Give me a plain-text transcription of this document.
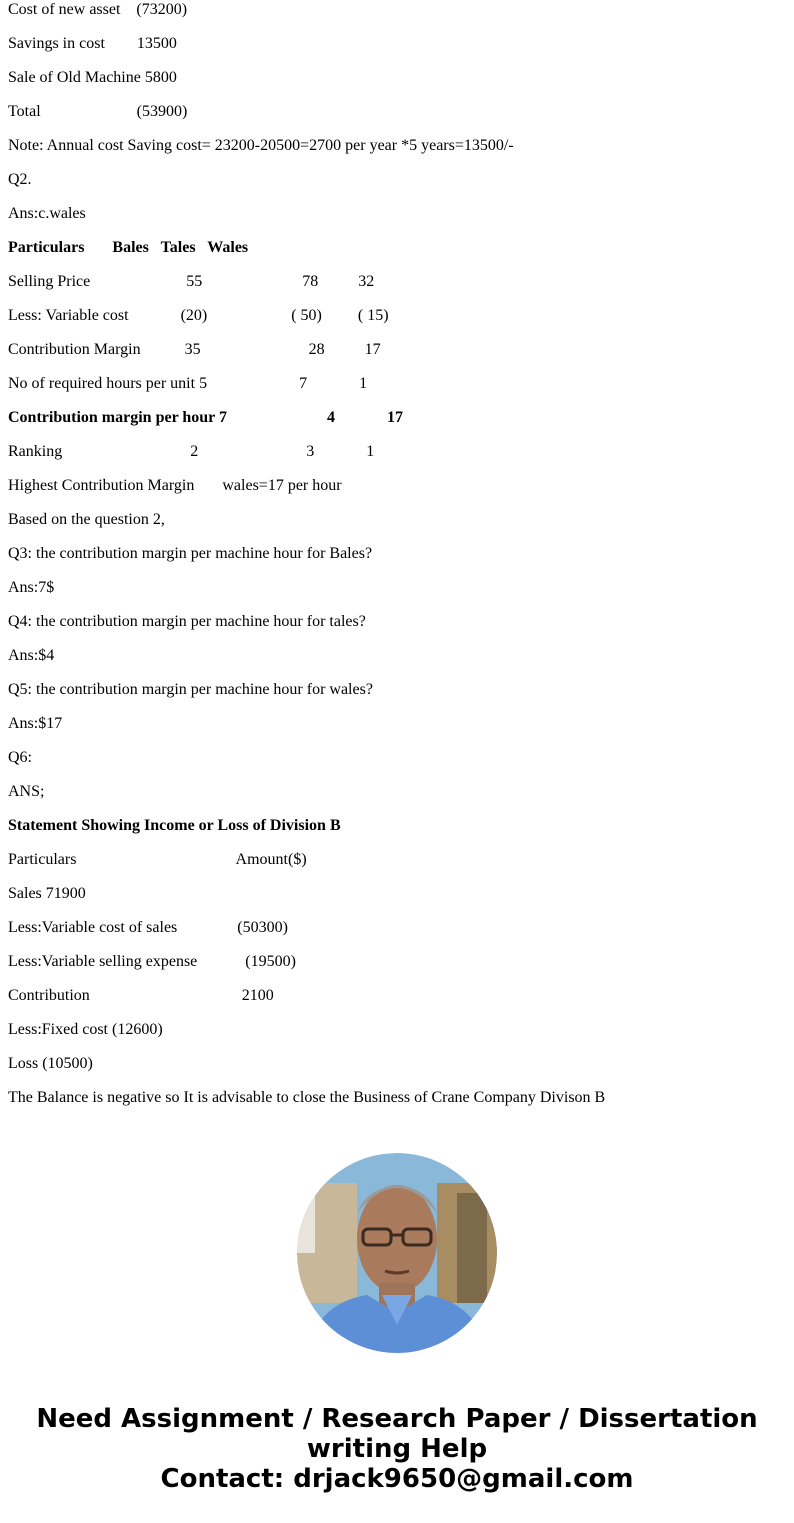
Cost of new asset    (73200)
Savings in cost        13500
Sale of Old Machine 5800
Total                        (53900)
Note: Annual cost Saving cost= 23200-20500=2700 per year *5 years=13500/-
Q2.
Ans:c.wales
Particulars       Bales   Tales   Wales
Selling Price                        55                         78          32
Less: Variable cost             (20)                     ( 50)         ( 15)
Contribution Margin           35                           28          17
No of required hours per unit 5                       7             1
Contribution margin per hour 7                         4             17
Ranking                                2                           3             1
Highest Contribution Margin       wales=17 per hour
Based on the question 2,
Q3: the contribution margin per machine hour for Bales?
Ans:7$
Q4: the contribution margin per machine hour for tales?
Ans:$4
Q5: the contribution margin per machine hour for wales?
Ans:$17
Q6:
ANS;
Statement Showing Income or Loss of Division B
Particulars                                        Amount($)
Sales 71900
Less:Variable cost of sales               (50300)
Less:Variable selling expense            (19500)
Contribution                                      2100
Less:Fixed cost (12600)
Loss (10500)
The Balance is negative so It is advisable to close the Business of Crane Company Divison B
Need Assignment / Research Paper / Dissertation
writing Help
Contact: drjack9650@gmail.com
